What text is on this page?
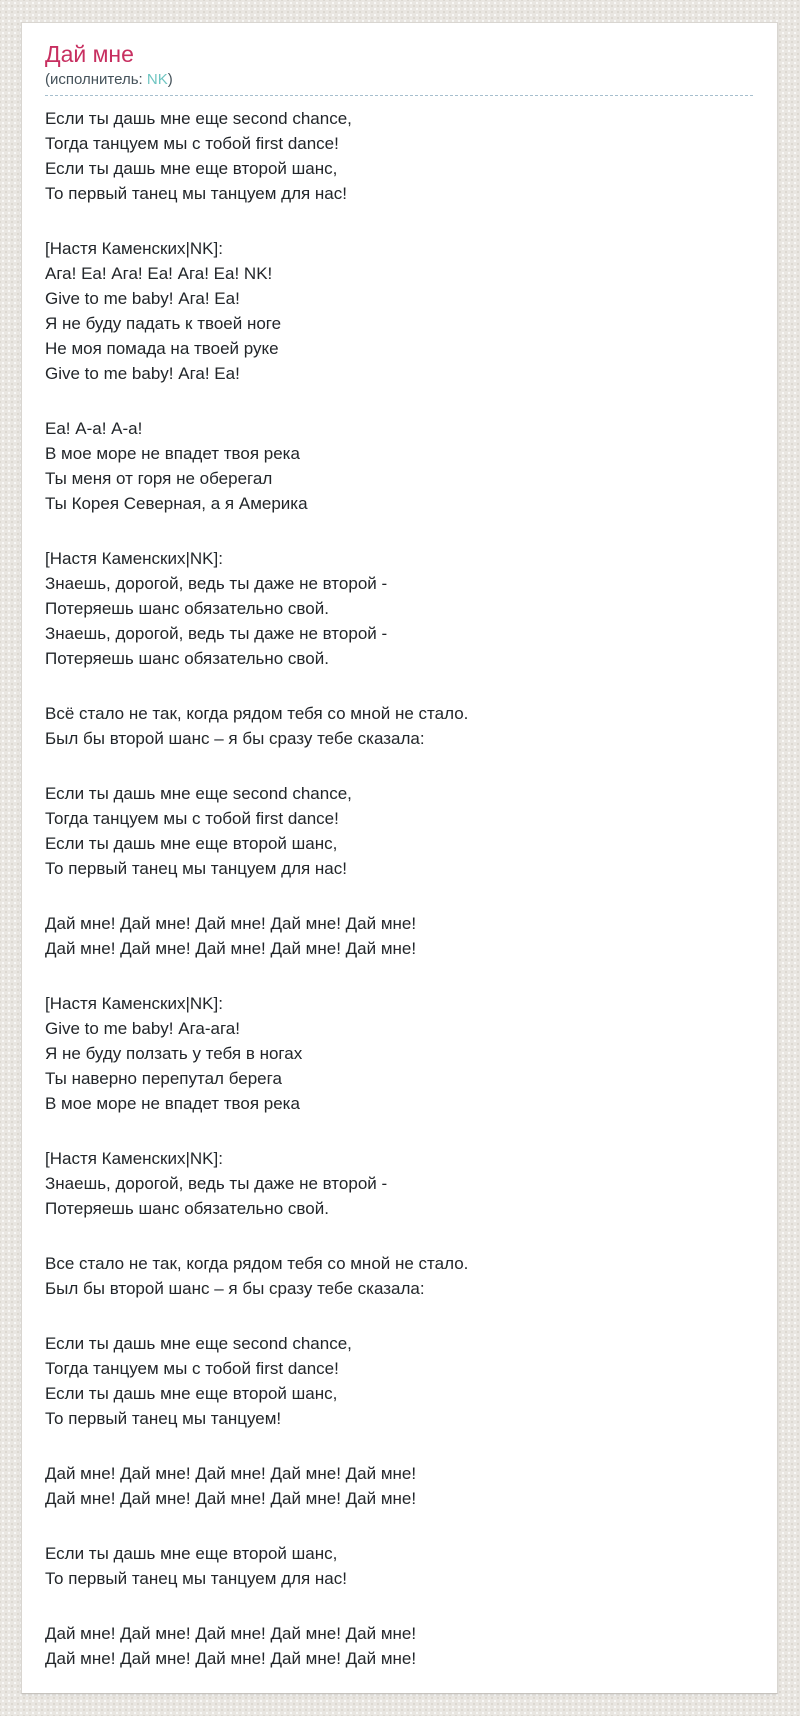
Дай мне
(исполнитель: NK)
Если ты дашь мне еще second chance,
Тогда танцуем мы с тобой first dance!
Если ты дашь мне еще второй шанс,
То первый танец мы танцуем для нас!
[Настя Каменских|NK]:
Ага! Еа! Ага! Еа! Ага! Еа! NK!
Give to me baby! Ага! Еа!
Я не буду падать к твоей ноге
Не моя помада на твоей руке
Give to me baby! Ага! Еа!
Еа! А-а! А-а!
В мое море не впадет твоя река
Ты меня от горя не оберегал
Ты Корея Северная, а я Америка
[Настя Каменских|NK]:
Знаешь, дорогой, ведь ты даже не второй -
Потеряешь шанс обязательно свой.
Знаешь, дорогой, ведь ты даже не второй -
Потеряешь шанс обязательно свой.
Всё стало не так, когда рядом тебя со мной не стало.
Был бы второй шанс – я бы сразу тебе сказала:
Если ты дашь мне еще second chance,
Тогда танцуем мы с тобой first dance!
Если ты дашь мне еще второй шанс,
То первый танец мы танцуем для нас!
Дай мне! Дай мне! Дай мне! Дай мне! Дай мне!
Дай мне! Дай мне! Дай мне! Дай мне! Дай мне!
[Настя Каменских|NK]:
Give to me baby! Ага-ага!
Я не буду ползать у тебя в ногах
Ты наверно перепутал берега
В мое море не впадет твоя река
[Настя Каменских|NK]:
Знаешь, дорогой, ведь ты даже не второй -
Потеряешь шанс обязательно свой.
Все стало не так, когда рядом тебя со мной не стало.
Был бы второй шанс – я бы сразу тебе сказала:
Если ты дашь мне еще second chance,
Тогда танцуем мы с тобой first dance!
Если ты дашь мне еще второй шанс,
То первый танец мы танцуем!
Дай мне! Дай мне! Дай мне! Дай мне! Дай мне!
Дай мне! Дай мне! Дай мне! Дай мне! Дай мне!
Если ты дашь мне еще второй шанс,
То первый танец мы танцуем для нас!
Дай мне! Дай мне! Дай мне! Дай мне! Дай мне!
Дай мне! Дай мне! Дай мне! Дай мне! Дай мне!
